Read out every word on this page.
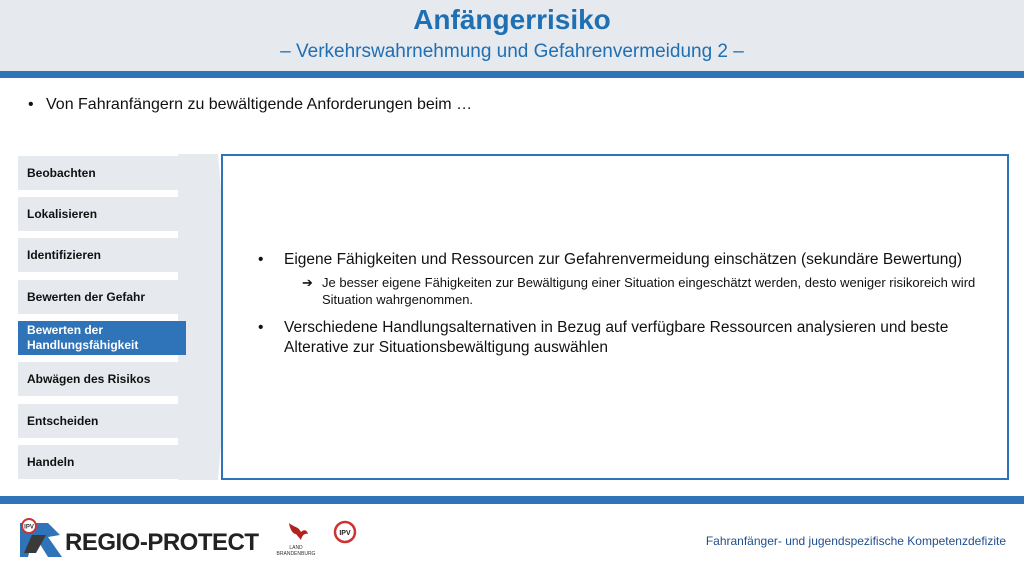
Anfängerrisiko
– Verkehrswahrnehmung und Gefahrenvermeidung 2 –
• Von Fahranfängern zu bewältigende Anforderungen beim …
Beobachten
Lokalisieren
Identifizieren
Bewerten der Gefahr
Bewerten der Handlungsfähigkeit
Abwägen des Risikos
Entscheiden
Handeln
• Eigene Fähigkeiten und Ressourcen zur Gefahrenvermeidung einschätzen (sekundäre Bewertung)
➔ Je besser eigene Fähigkeiten zur Bewältigung einer Situation eingeschätzt werden, desto weniger risikoreich wird Situation wahrgenommen.
• Verschiedene Handlungsalternativen in Bezug auf verfügbare Ressourcen analysieren und beste Alterative zur Situationsbewältigung auswählen
IPV
REGIO-PROTECT	LAND BRANDENBURG
IPV
Fahranfänger- und jugendspezifische Kompetenzdefizite
